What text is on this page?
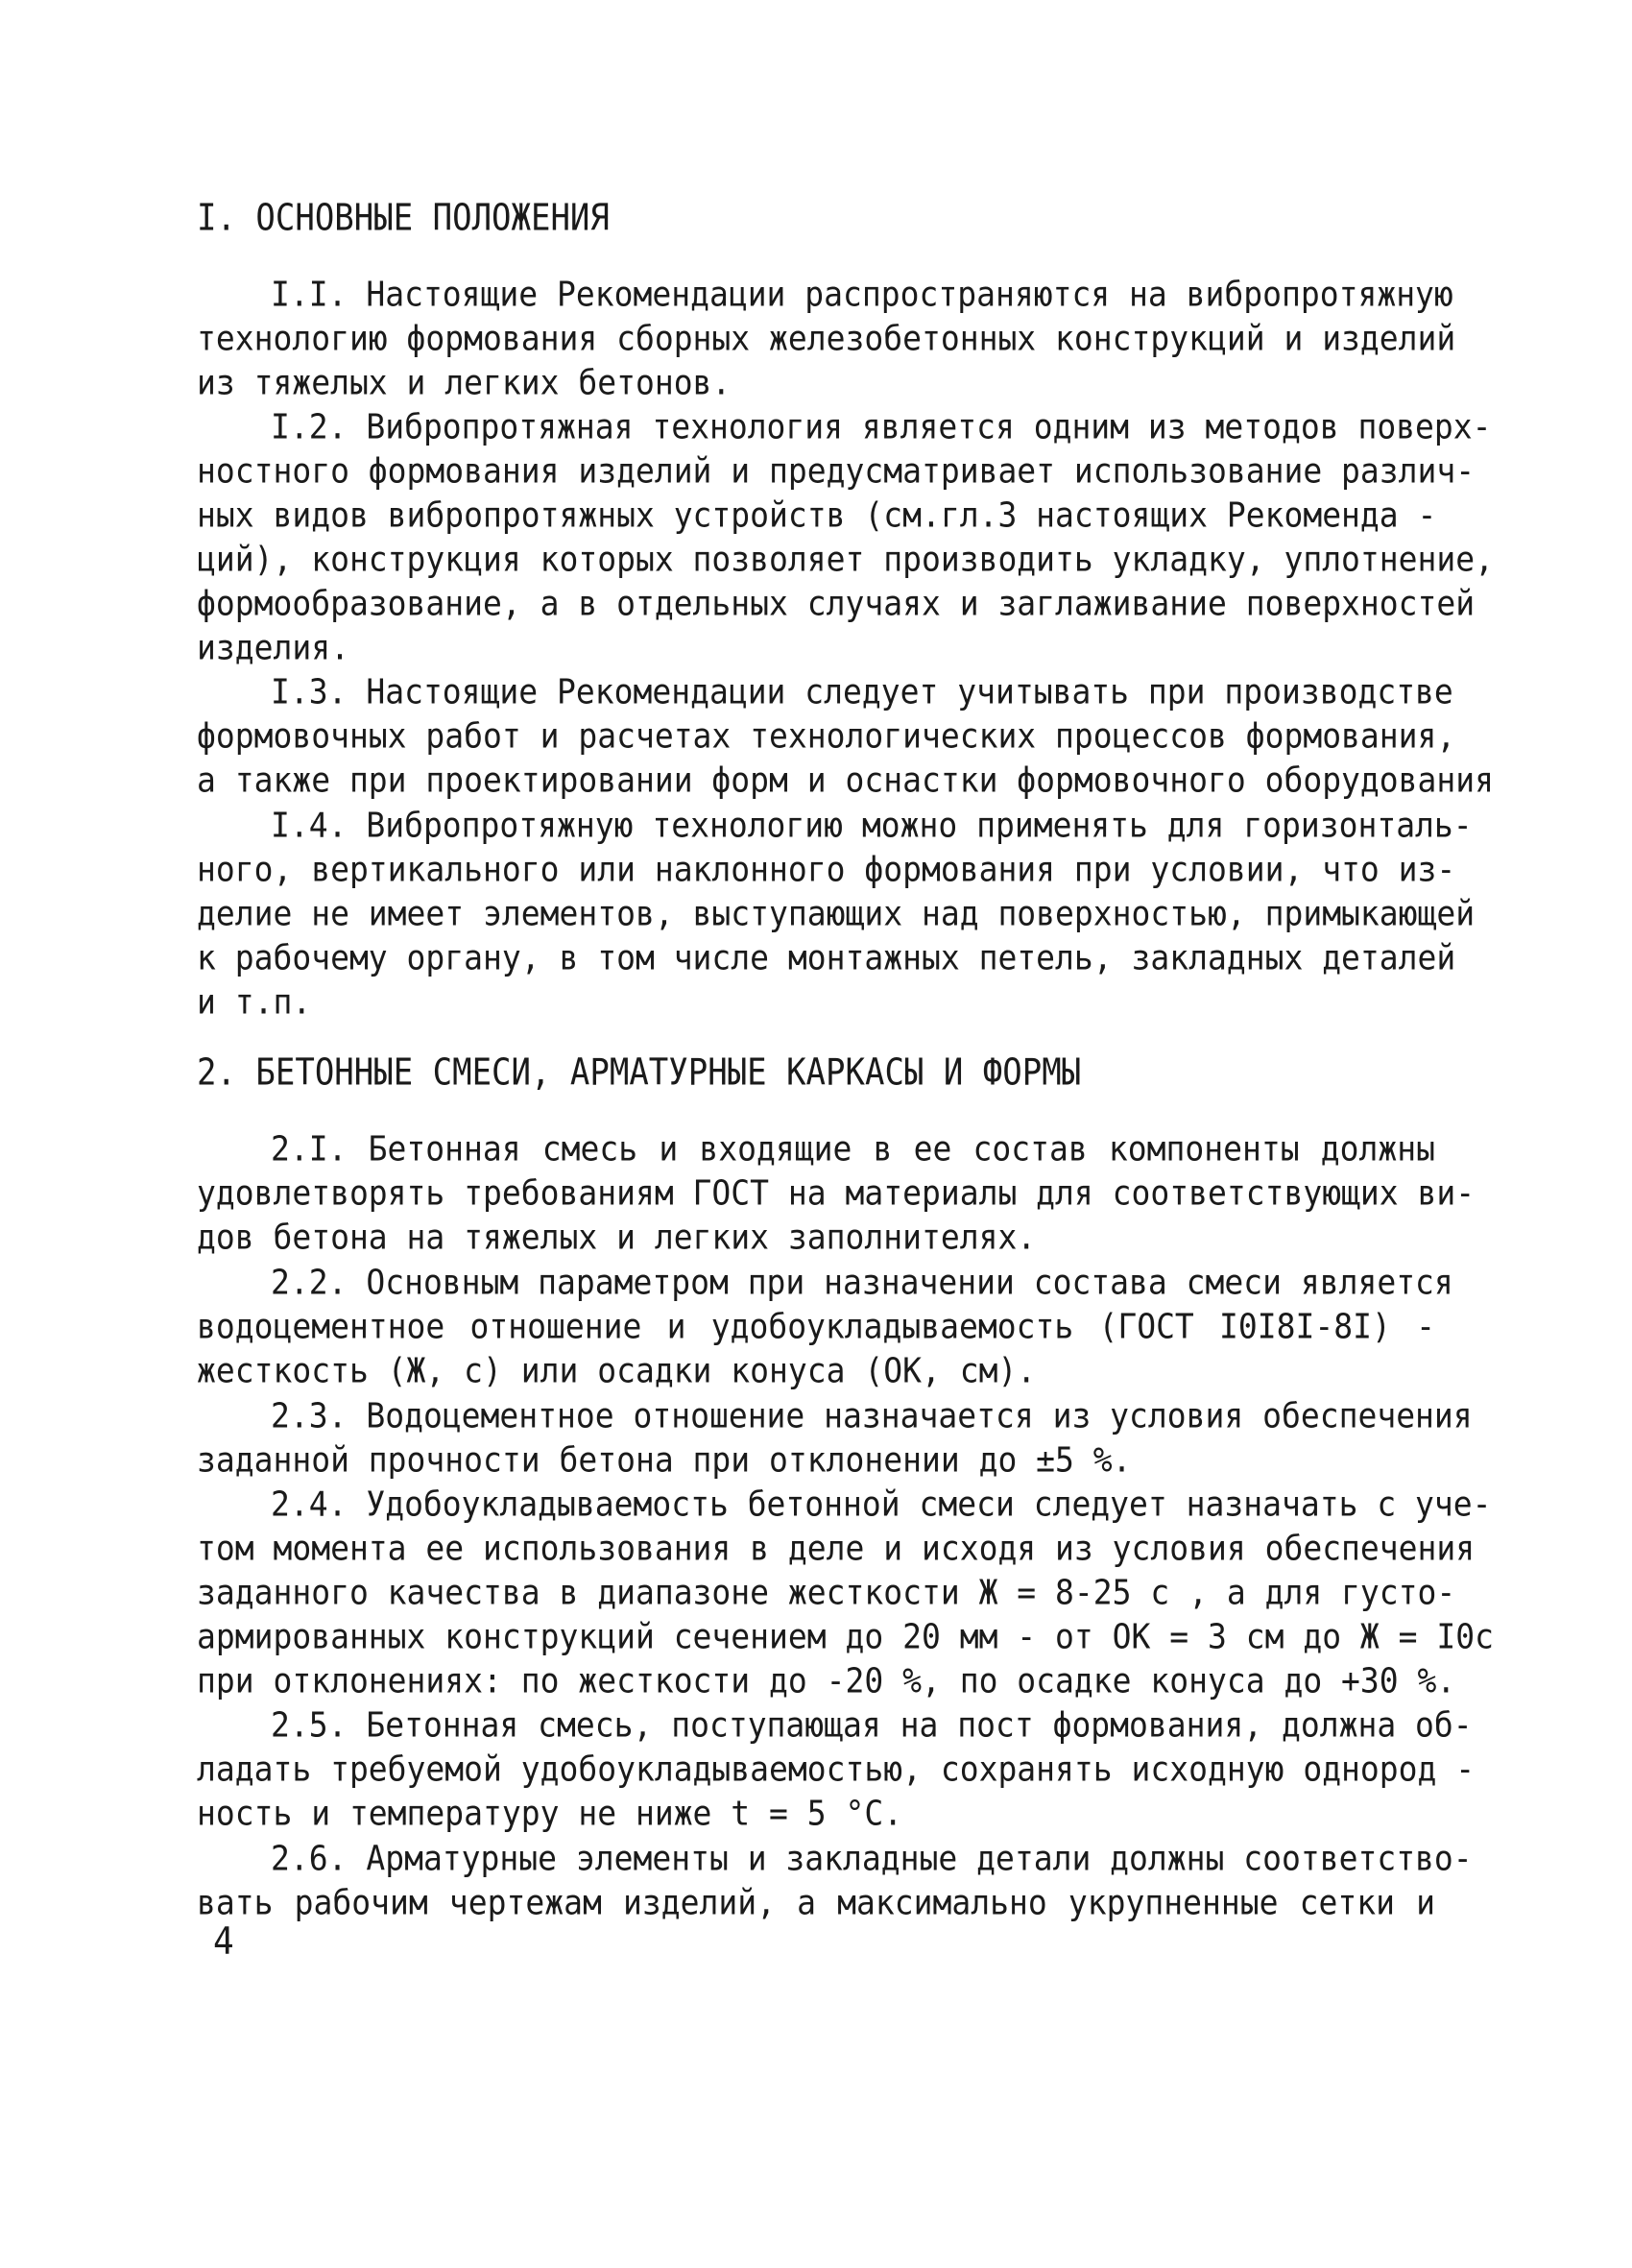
I. ОСНОВНЫЕ ПОЛОЖЕНИЯ
I.I. Настоящие Рекомендации распространяются на вибропротяжную
технологию формования сборных железобетонных конструкций и изделий
из тяжелых и легких бетонов.
I.2. Вибропротяжная технология является одним из методов поверх-
ностного формования изделий и предусматривает использование различ-
ных видов вибропротяжных устройств (см.гл.3 настоящих Рекоменда -
ций), конструкция которых позволяет производить укладку, уплотнение,
формообразование, а в отдельных случаях и заглаживание поверхностей
изделия.
I.3. Настоящие Рекомендации следует учитывать при производстве
формовочных работ и расчетах технологических процессов формования,
а также при проектировании форм и оснастки формовочного оборудования
I.4. Вибропротяжную технологию можно применять для горизонталь-
ного, вертикального или наклонного формования при условии, что из-
делие не имеет элементов, выступающих над поверхностью, примыкающей
к рабочему органу, в том числе монтажных петель, закладных деталей
и т.п.
2. БЕТОННЫЕ СМЕСИ, АРМАТУРНЫЕ КАРКАСЫ И ФОРМЫ
2.I. Бетонная смесь и входящие в ее состав компоненты должны
удовлетворять требованиям ГОСТ на материалы для соответствующих ви-
дов бетона на тяжелых и легких заполнителях.
2.2. Основным параметром при назначении состава смеси является
водоцементное отношение и удобоукладываемость (ГОСТ I0I8I-8I) -
жесткость (Ж, с) или осадки конуса (ОК, см).
2.3. Водоцементное отношение назначается из условия обеспечения
заданной прочности бетона при отклонении до ±5 %.
2.4. Удобоукладываемость бетонной смеси следует назначать с уче-
том момента ее использования в деле и исходя из условия обеспечения
заданного качества в диапазоне жесткости Ж = 8-25 с , а для густо-
армированных конструкций сечением до 20 мм - от ОК = 3 см до Ж = I0с
при отклонениях: по жесткости до -20 %, по осадке конуса до +30 %.
2.5. Бетонная смесь, поступающая на пост формования, должна об-
ладать требуемой удобоукладываемостью, сохранять исходную однород -
ность и температуру не ниже t = 5 °C.
2.6. Арматурные элементы и закладные детали должны соответство-
вать рабочим чертежам изделий, а максимально укрупненные сетки и
4
